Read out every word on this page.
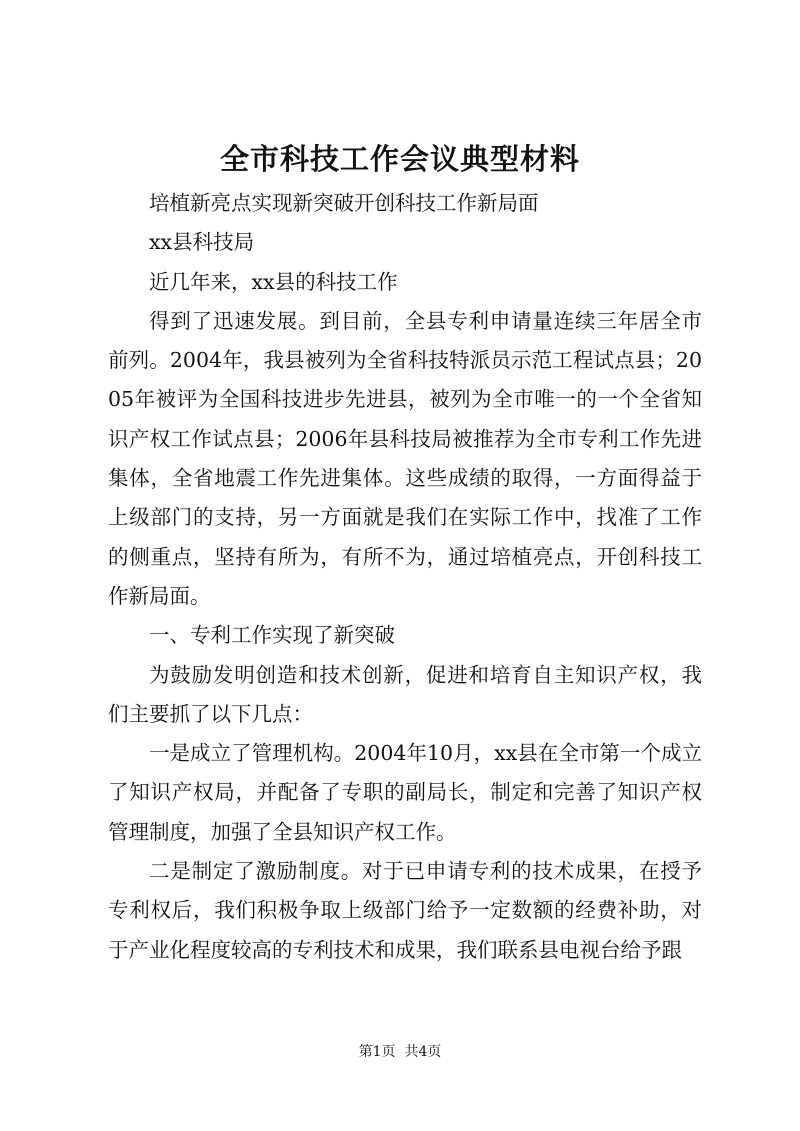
全市科技工作会议典型材料

培植新亮点实现新突破开创科技工作新局面

xx县科技局

近几年来，xx县的科技工作

得到了迅速发展。到目前，全县专利申请量连续三年居全市前列。2004年，我县被列为全省科技特派员示范工程试点县；2005年被评为全国科技进步先进县，被列为全市唯一的一个全省知识产权工作试点县；2006年县科技局被推荐为全市专利工作先进集体，全省地震工作先进集体。这些成绩的取得，一方面得益于上级部门的支持，另一方面就是我们在实际工作中，找准了工作的侧重点，坚持有所为，有所不为，通过培植亮点，开创科技工作新局面。

一、专利工作实现了新突破

为鼓励发明创造和技术创新，促进和培育自主知识产权，我们主要抓了以下几点：

一是成立了管理机构。2004年10月，xx县在全市第一个成立了知识产权局，并配备了专职的副局长，制定和完善了知识产权管理制度，加强了全县知识产权工作。

二是制定了激励制度。对于已申请专利的技术成果，在授予专利权后，我们积极争取上级部门给予一定数额的经费补助，对于产业化程度较高的专利技术和成果，我们联系县电视台给予跟

第1页 共4页
